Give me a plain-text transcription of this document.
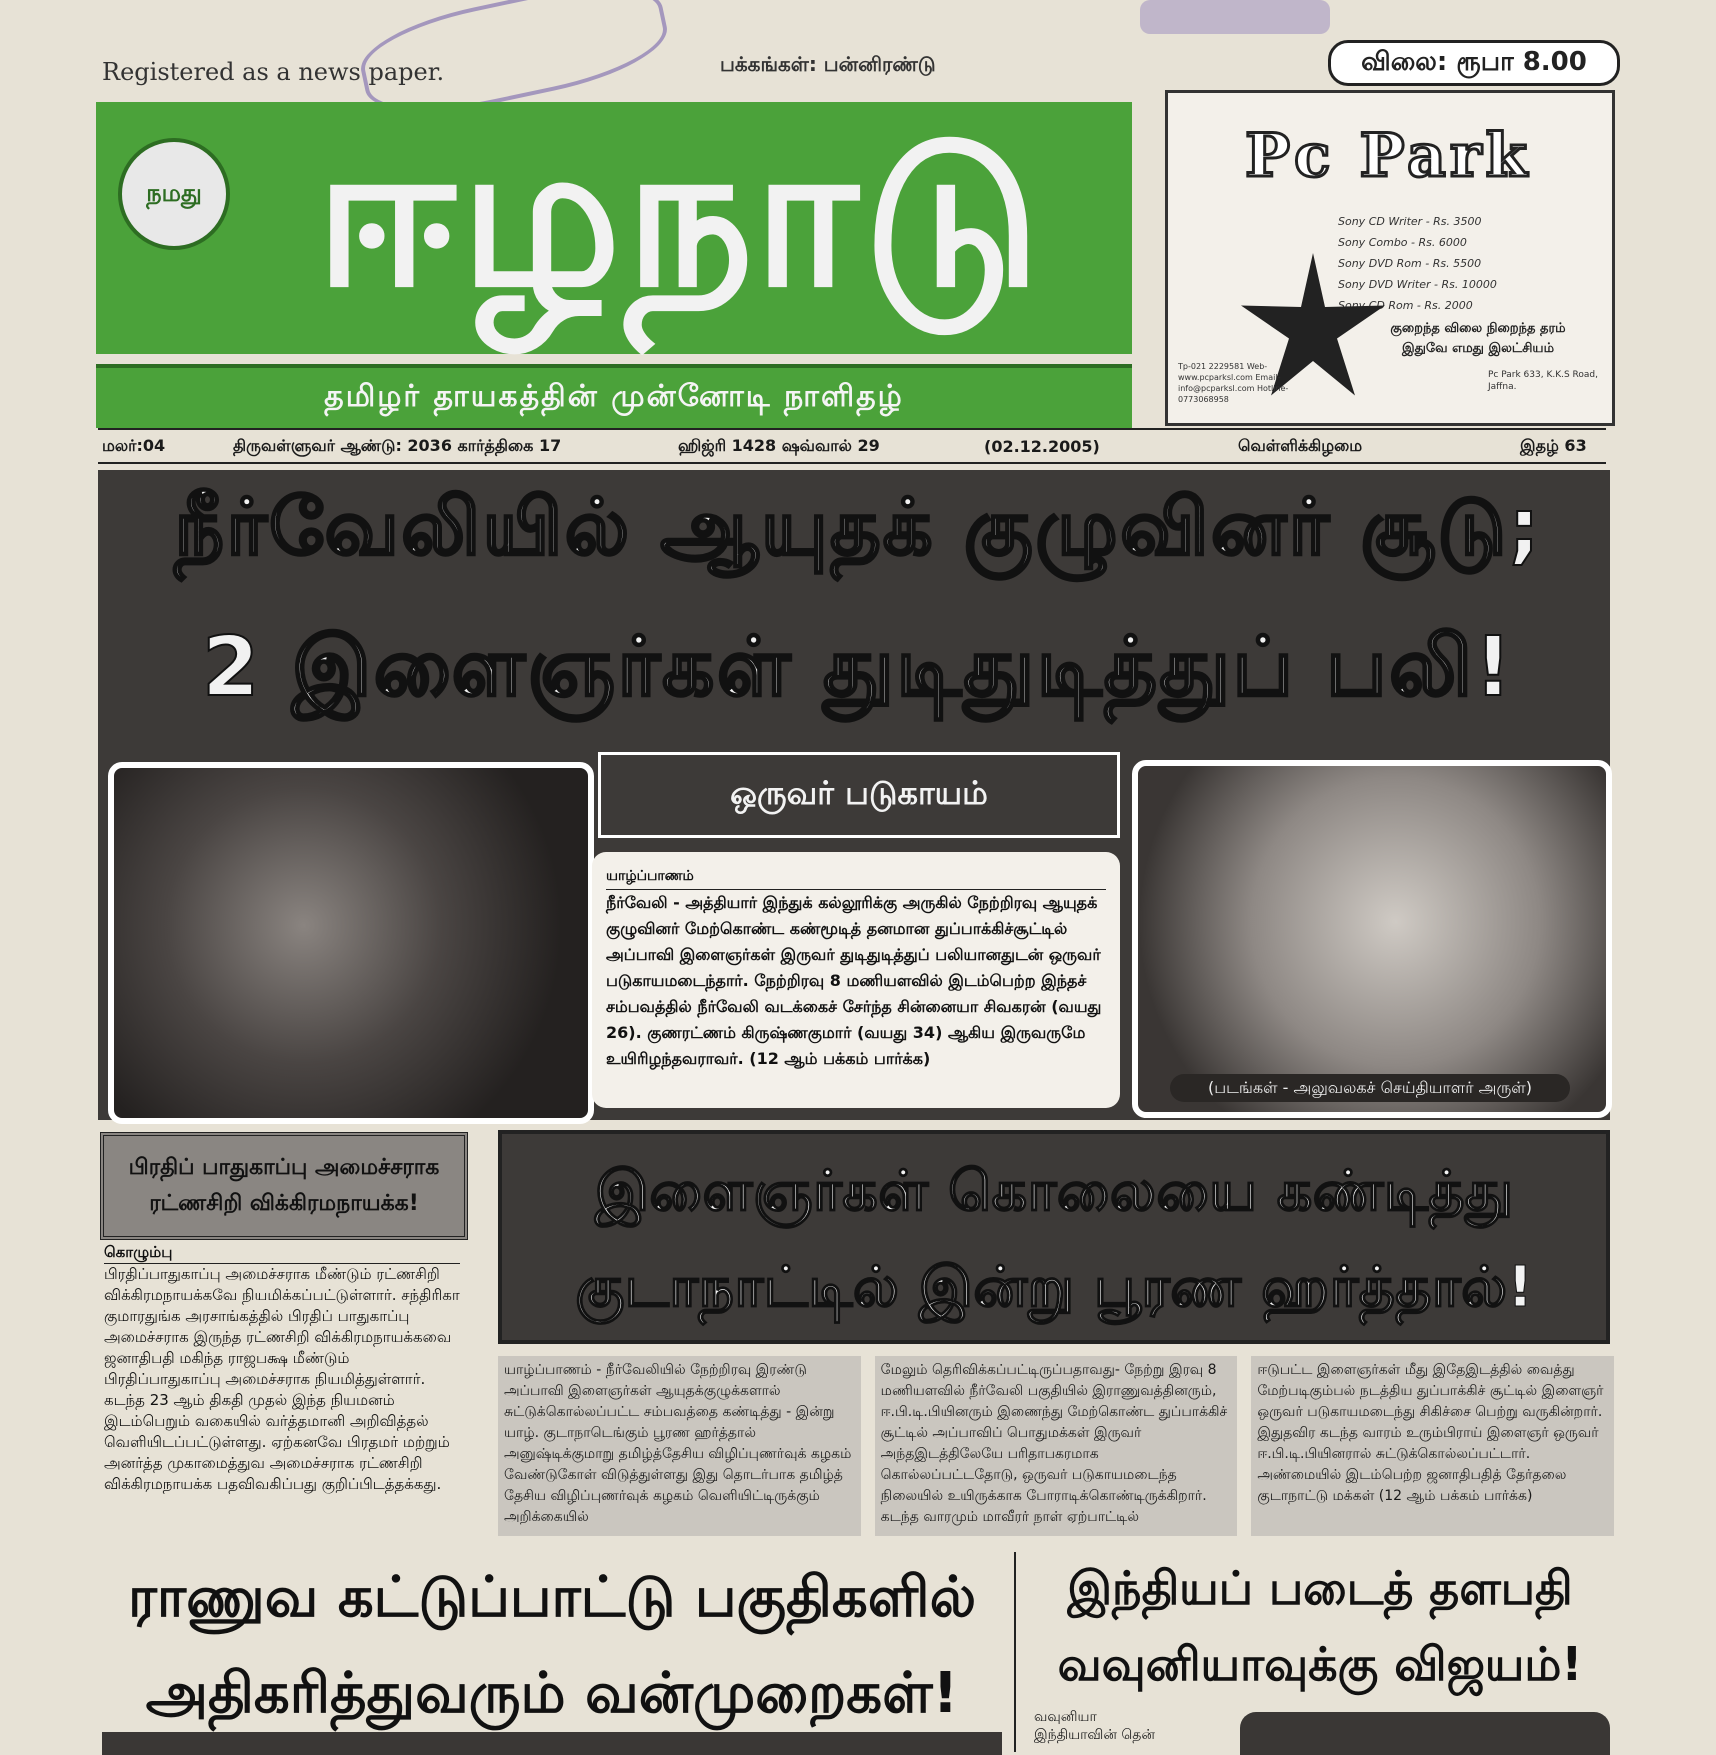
Registered as a news paper.	பக்கங்கள்: பன்னிரண்டு	விலை: ரூபா 8.00
நமது ஈழநாடு
தமிழர் தாயகத்தின் முன்னோடி நாளிதழ்
Pc Park
Sony CD Writer - Rs. 3500
Sony Combo - Rs. 6000
Sony DVD Rom - Rs. 5500
Sony DVD Writer - Rs. 10000
Sony CD Rom - Rs. 2000
குறைந்த விலை நிறைந்த தரம் இதுவே எமது இலட்சியம்
Tp-021 2229581 Web-www.pcparksl.com Email-info@pcparksl.com Hotline-0773068958
Pc Park 633, K.K.S Road, Jaffna.
மலர்:04	திருவள்ளுவர் ஆண்டு: 2036 கார்த்திகை 17	ஹிஜ்ரி 1428 ஷவ்வால் 29	(02.12.2005)	வெள்ளிக்கிழமை	இதழ் 63
நீர்வேலியில் ஆயுதக் குழுவினர் சூடு;
2 இளைஞர்கள் துடிதுடித்துப் பலி!
(படங்கள் - அலுவலகச் செய்தியாளர் அருள்)
ஒருவர் படுகாயம்
யாழ்ப்பாணம்
நீர்வேலி - அத்தியார் இந்துக் கல்லூரிக்கு அருகில் நேற்றிரவு ஆயுதக் குழுவினர் மேற்கொண்ட கண்மூடித் தனமான துப்பாக்கிச்சூட்டில் அப்பாவி இளைஞர்கள் இருவர் துடிதுடித்துப் பலியானதுடன் ஒருவர் படுகாயமடைந்தார். நேற்றிரவு 8 மணியளவில் இடம்பெற்ற இந்தச் சம்பவத்தில் நீர்வேலி வடக்கைச் சேர்ந்த சின்னையா சிவகரன் (வயது 26). குணரட்ணம் கிருஷ்ணகுமார் (வயது 34) ஆகிய இருவருமே உயிரிழந்தவராவர். (12 ஆம் பக்கம் பார்க்க)
பிரதிப் பாதுகாப்பு அமைச்சராக
ரட்ணசிறி விக்கிரமநாயக்க!
கொழும்பு
பிரதிப்பாதுகாப்பு அமைச்சராக மீண்டும் ரட்ணசிறி விக்கிரமநாயக்கவே நியமிக்கப்பட்டுள்ளார். சந்திரிகா குமாரதுங்க அரசாங்கத்தில் பிரதிப் பாதுகாப்பு அமைச்சராக இருந்த ரட்ணசிறி விக்கிரமநாயக்கவை ஜனாதிபதி மகிந்த ராஜபக்ஷ மீண்டும் பிரதிப்பாதுகாப்பு அமைச்சராக நியமித்துள்ளார். கடந்த 23 ஆம் திகதி முதல் இந்த நியமனம் இடம்பெறும் வகையில் வர்த்தமானி அறிவித்தல் வெளியிடப்பட்டுள்ளது. ஏற்கனவே பிரதமர் மற்றும் அனர்த்த முகாமைத்துவ அமைச்சராக ரட்ணசிறி விக்கிரமநாயக்க பதவிவகிப்பது குறிப்பிடத்தக்கது.
இளைஞர்கள் கொலையை கண்டித்து
குடாநாட்டில் இன்று பூரண ஹர்த்தால்!
யாழ்ப்பாணம் - நீர்வேலியில் நேற்றிரவு இரண்டு அப்பாவி இளைஞர்கள் ஆயுதக்குழுக்களால் சுட்டுக்கொல்லப்பட்ட சம்பவத்தை கண்டித்து - இன்று யாழ். குடாநாடெங்கும் பூரண ஹர்த்தால் அனுஷ்டிக்குமாறு தமிழ்த்தேசிய விழிப்புணர்வுக் கழகம் வேண்டுகோள் விடுத்துள்ளது இது தொடர்பாக தமிழ்த் தேசிய விழிப்புணர்வுக் கழகம் வெளியிட்டிருக்கும் அறிக்கையில்
மேலும் தெரிவிக்கப்பட்டிருப்பதாவது- நேற்று இரவு 8 மணியளவில் நீர்வேலி பகுதியில் இராணுவத்தினரும், ஈ.பி.டி.பியினரும் இணைந்து மேற்கொண்ட துப்பாக்கிச் சூட்டில் அப்பாவிப் பொதுமக்கள் இருவர் அந்தஇடத்திலேயே பரிதாபகரமாக கொல்லப்பட்டதோடு, ஒருவர் படுகாயமடைந்த நிலையில் உயிருக்காக போராடிக்கொண்டிருக்கிறார். கடந்த வாரமும் மாவீரர் நாள் ஏற்பாட்டில்
ஈடுபட்ட இளைஞர்கள் மீது இதேஇடத்தில் வைத்து மேற்படிகும்பல் நடத்திய துப்பாக்கிச் சூட்டில் இளைஞர் ஒருவர் படுகாயமடைந்து சிகிச்சை பெற்று வருகின்றார். இதுதவிர கடந்த வாரம் உரும்பிராய் இளைஞர் ஒருவர் ஈ.பி.டி.பியினரால் சுட்டுக்கொல்லப்பட்டார். அண்மையில் இடம்பெற்ற ஜனாதிபதித் தேர்தலை குடாநாட்டு மக்கள் (12 ஆம் பக்கம் பார்க்க)
ராணுவ கட்டுப்பாட்டு பகுதிகளில்
அதிகரித்துவரும் வன்முறைகள்!
இந்தியப் படைத் தளபதி
வவுனியாவுக்கு விஜயம்!
வவுனியா
இந்தியாவின் தென்
